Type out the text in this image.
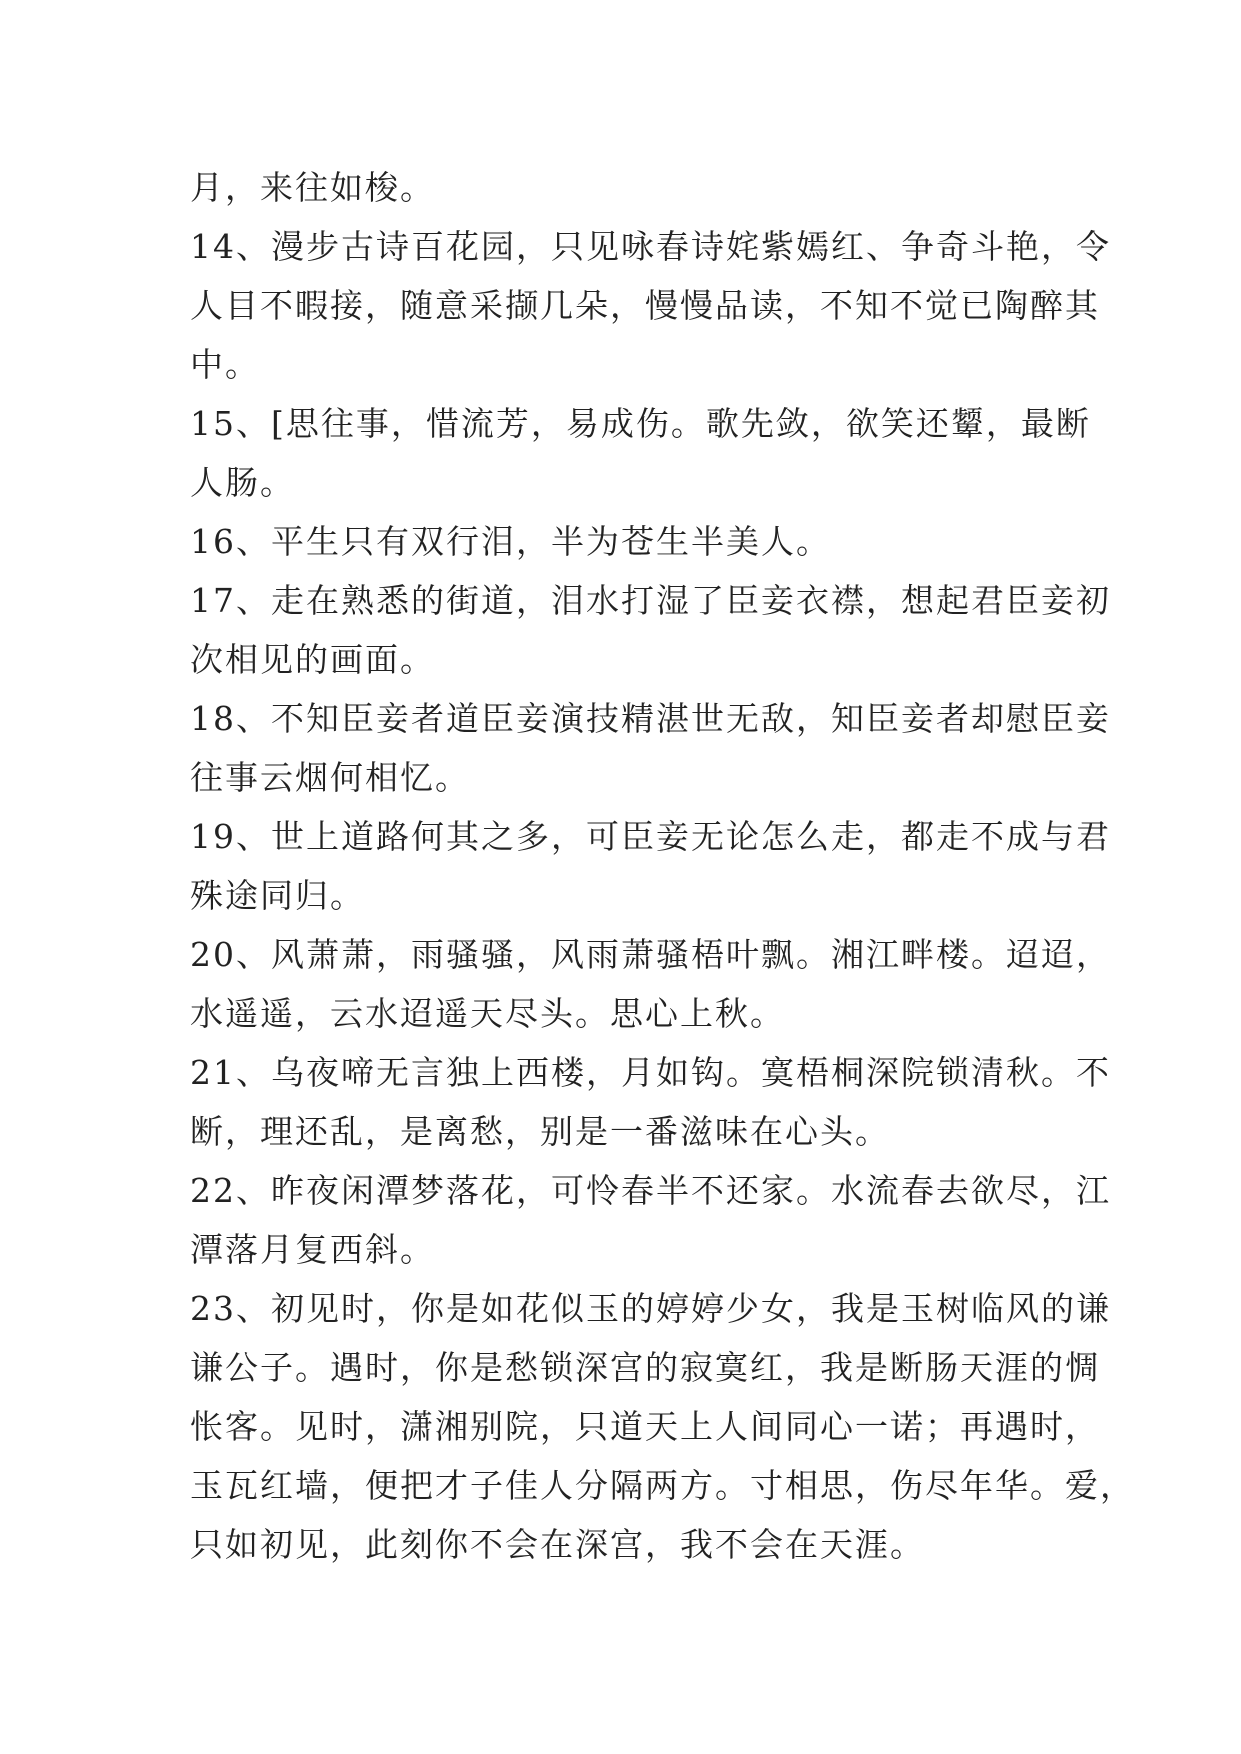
月，来往如梭。
14、漫步古诗百花园，只见咏春诗姹紫嫣红、争奇斗艳，令
人目不暇接，随意采撷几朵，慢慢品读，不知不觉已陶醉其
中。
15、[思往事，惜流芳，易成伤。歌先敛，欲笑还颦，最断
人肠。
16、平生只有双行泪，半为苍生半美人。
17、走在熟悉的街道，泪水打湿了臣妾衣襟，想起君臣妾初
次相见的画面。
18、不知臣妾者道臣妾演技精湛世无敌，知臣妾者却慰臣妾
往事云烟何相忆。
19、世上道路何其之多，可臣妾无论怎么走，都走不成与君
殊途同归。
20、风萧萧，雨骚骚，风雨萧骚梧叶飘。湘江畔楼。迢迢，
水遥遥，云水迢遥天尽头。思心上秋。
21、乌夜啼无言独上西楼，月如钩。寞梧桐深院锁清秋。不
断，理还乱，是离愁，别是一番滋味在心头。
22、昨夜闲潭梦落花，可怜春半不还家。水流春去欲尽，江
潭落月复西斜。
23、初见时，你是如花似玉的婷婷少女，我是玉树临风的谦
谦公子。遇时，你是愁锁深宫的寂寞红，我是断肠天涯的惆
怅客。见时，潇湘别院，只道天上人间同心一诺；再遇时，
玉瓦红墙，便把才子佳人分隔两方。寸相思，伤尽年华。爱，
只如初见，此刻你不会在深宫，我不会在天涯。
